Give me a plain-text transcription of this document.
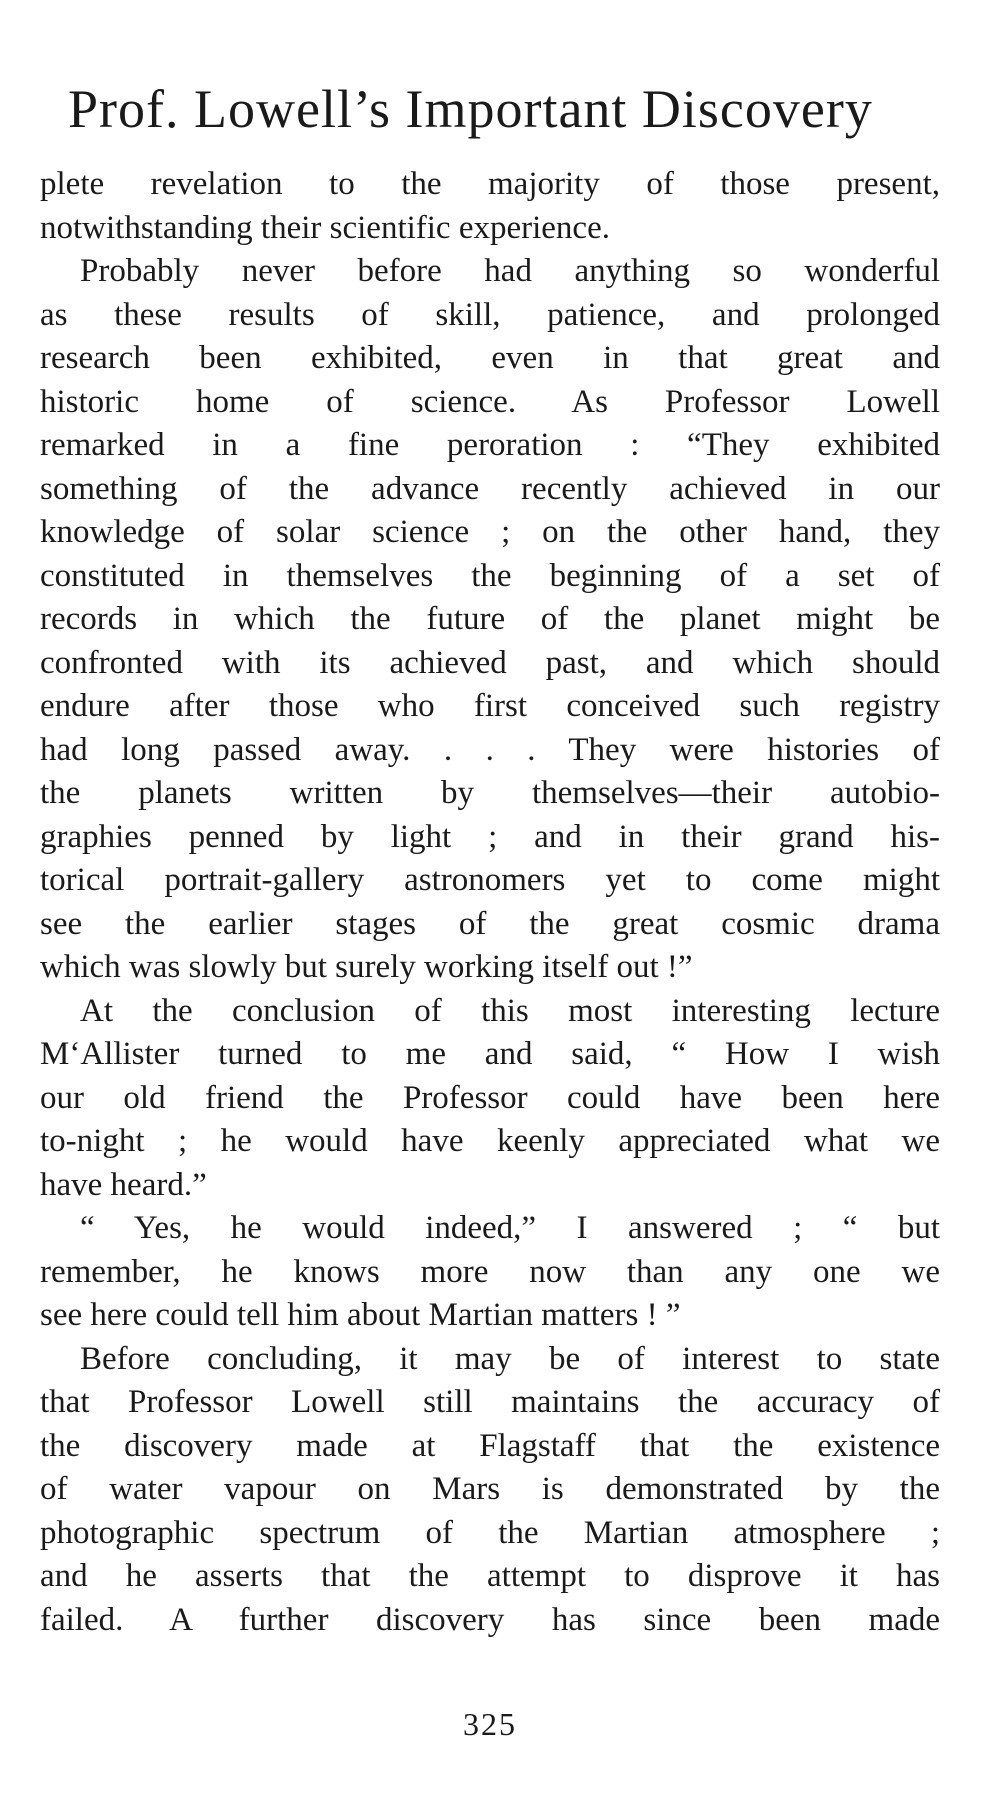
Prof. Lowell’s Important Discovery
plete revelation to the majority of those present,
notwithstanding their scientific experience.
Probably never before had anything so wonderful
as these results of skill, patience, and prolonged
research been exhibited, even in that great and
historic home of science. As Professor Lowell
remarked in a fine peroration : “They exhibited
something of the advance recently achieved in our
knowledge of solar science ; on the other hand, they
constituted in themselves the beginning of a set of
records in which the future of the planet might be
confronted with its achieved past, and which should
endure after those who first conceived such registry
had long passed away. . . . They were histories of
the planets written by themselves—their autobio-
graphies penned by light ; and in their grand his-
torical portrait-gallery astronomers yet to come might
see the earlier stages of the great cosmic drama
which was slowly but surely working itself out !”
At the conclusion of this most interesting lecture
M‘Allister turned to me and said, “ How I wish
our old friend the Professor could have been here
to-night ; he would have keenly appreciated what we
have heard.”
“ Yes, he would indeed,” I answered ; “ but
remember, he knows more now than any one we
see here could tell him about Martian matters ! ”
Before concluding, it may be of interest to state
that Professor Lowell still maintains the accuracy of
the discovery made at Flagstaff that the existence
of water vapour on Mars is demonstrated by the
photographic spectrum of the Martian atmosphere ;
and he asserts that the attempt to disprove it has
failed. A further discovery has since been made
325
